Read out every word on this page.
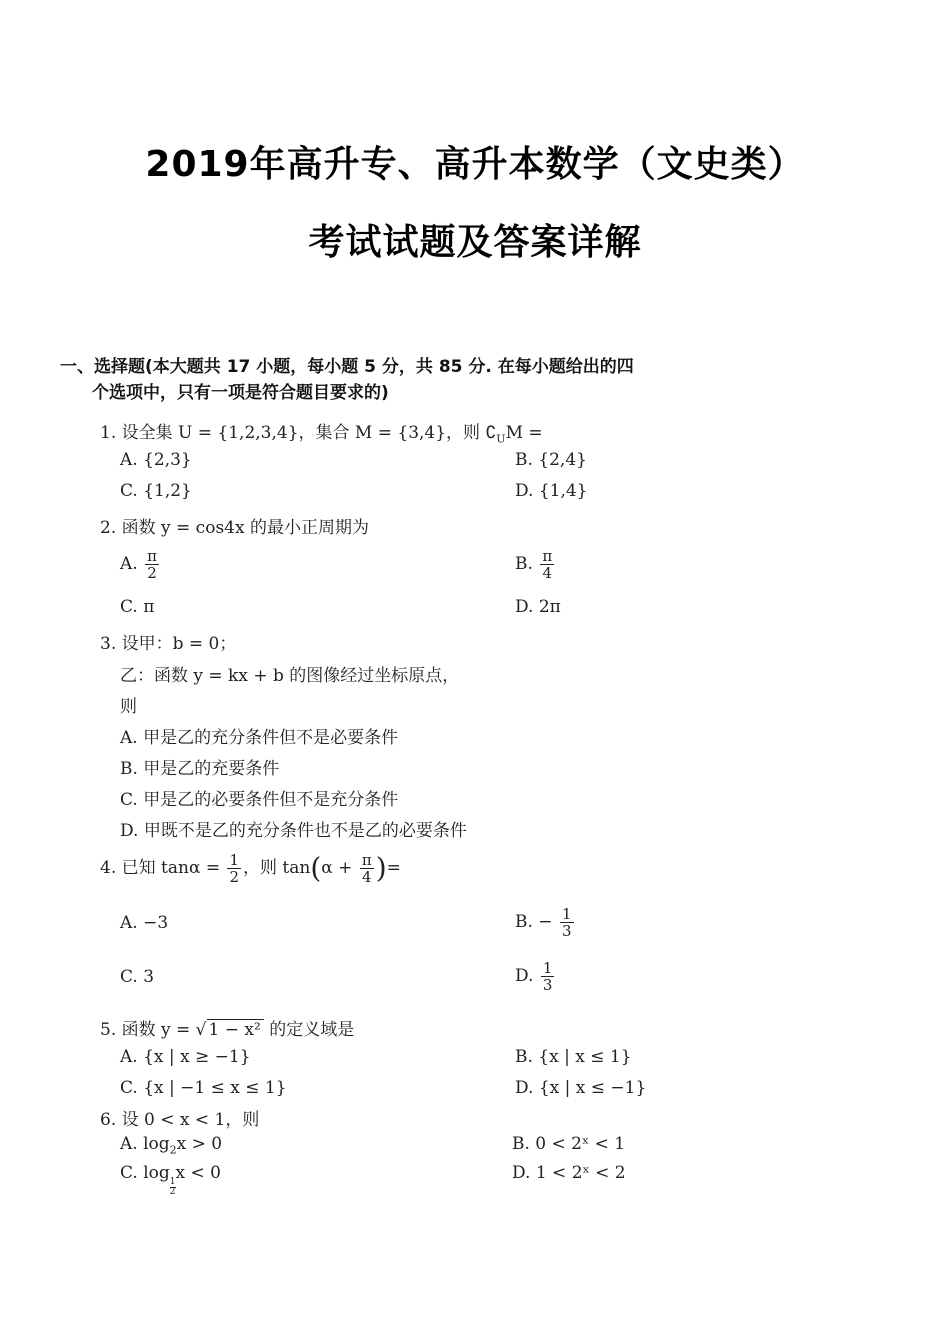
2019年高升专、高升本数学（文史类）
考试试题及答案详解
一、选择题(本大题共 17 小题，每小题 5 分，共 85 分. 在每小题给出的四
个选项中，只有一项是符合题目要求的)
1. 设全集 U = {1,2,3,4}，集合 M = {3,4}，则 $∁_UM$ =
A. {2,3}	B. {2,4}
C. {1,2}	D. {1,4}
2. 函数 y = cos4x 的最小正周期为
A. $\frac{\pi}{2}$	B. $\frac{\pi}{4}$
C. π	D. 2π
3. 设甲：b = 0；
乙：函数 y = kx + b 的图像经过坐标原点，
则
A. 甲是乙的充分条件但不是必要条件
B. 甲是乙的充要条件
C. 甲是乙的必要条件但不是充分条件
D. 甲既不是乙的充分条件也不是乙的必要条件
4. 已知 $\tan\alpha = \frac{1}{2}$ ，则 $\tan(\alpha + \frac{\pi}{4}$ )=
A. −3	B. − $\frac{1}{3}$
C. 3	D. $\frac{1}{3}$
5. 函数 y = √ 1 − x² 的定义域是
A. {x | x ≥ −1}	B. {x | x ≤ 1}
C. {x | −1 ≤ x ≤ 1}	D. {x | x ≤ −1}
6. 设 0 < x < 1，则
A. $\log_2x > 0$	B. 0 < 2ˣ < 1
C. log
$\frac{1}{2}$
x < 0	D. 1 < 2ˣ < 2
